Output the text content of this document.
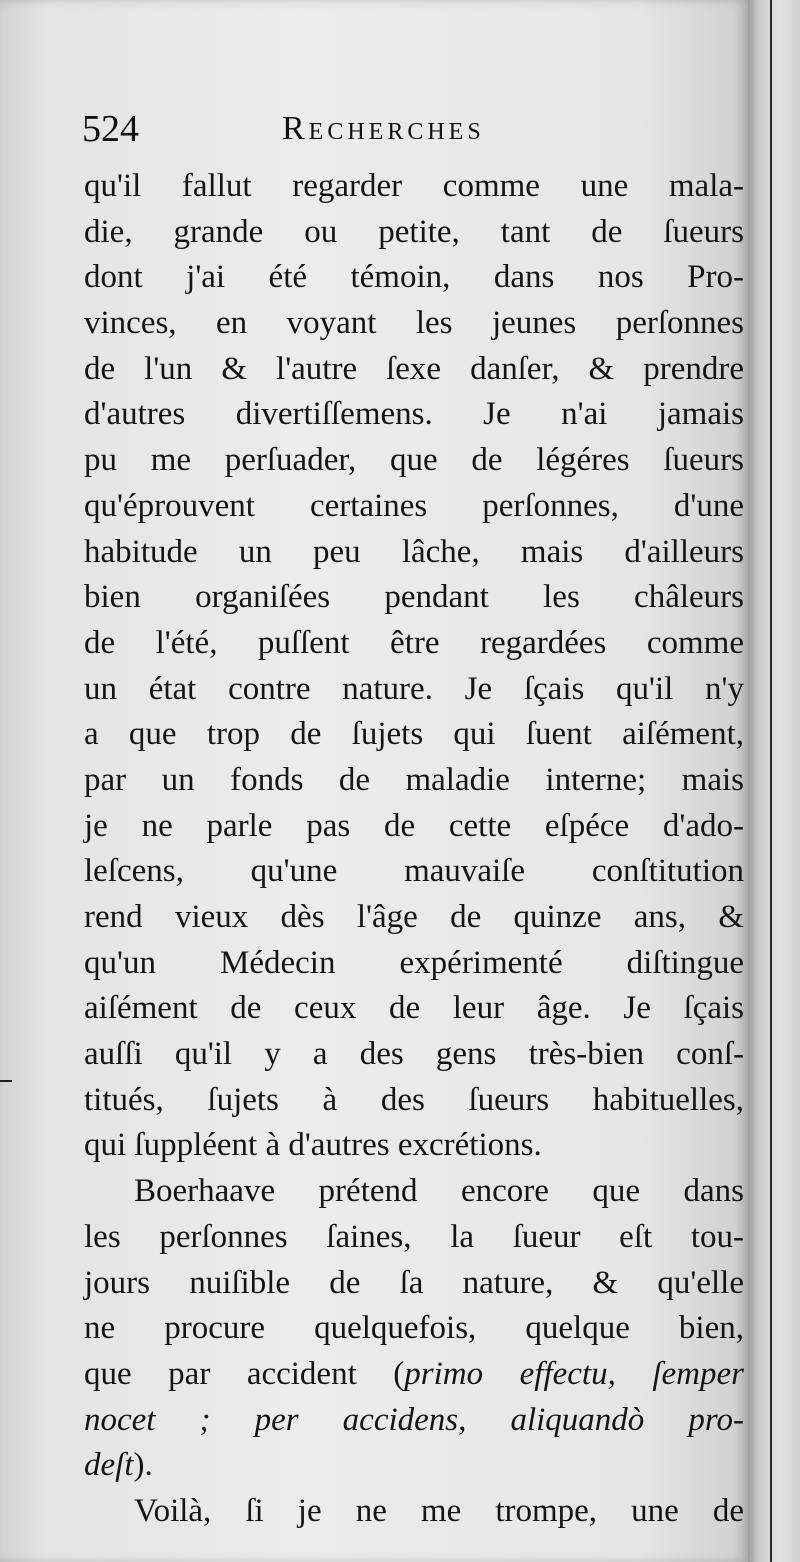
524	Recherches
qu'il fallut regarder comme une mala-
die, grande ou petite, tant de ſueurs
dont j'ai été témoin, dans nos Pro-
vinces, en voyant les jeunes perſonnes
de l'un & l'autre ſexe danſer, & prendre
d'autres divertiſſemens. Je n'ai jamais
pu me perſuader, que de légéres ſueurs
qu'éprouvent certaines perſonnes, d'une
habitude un peu lâche, mais d'ailleurs
bien organiſées pendant les châleurs
de l'été, puſſent être regardées comme
un état contre nature. Je ſçais qu'il n'y
a que trop de ſujets qui ſuent aiſément,
par un fonds de maladie interne; mais
je ne parle pas de cette eſpéce d'ado-
leſcens, qu'une mauvaiſe conſtitution
rend vieux dès l'âge de quinze ans, &
qu'un Médecin expérimenté diſtingue
aiſément de ceux de leur âge. Je ſçais
auſſi qu'il y a des gens très-bien conſ-
titués, ſujets à des ſueurs habituelles,
qui ſuppléent à d'autres excrétions.
Boerhaave prétend encore que dans
les perſonnes ſaines, la ſueur eſt tou-
jours nuiſible de ſa nature, & qu'elle
ne procure quelquefois, quelque bien,
que par accident (primo effectu, ſemper
nocet ; per accidens, aliquandò pro-
deſt).
Voilà, ſi je ne me trompe, une de
